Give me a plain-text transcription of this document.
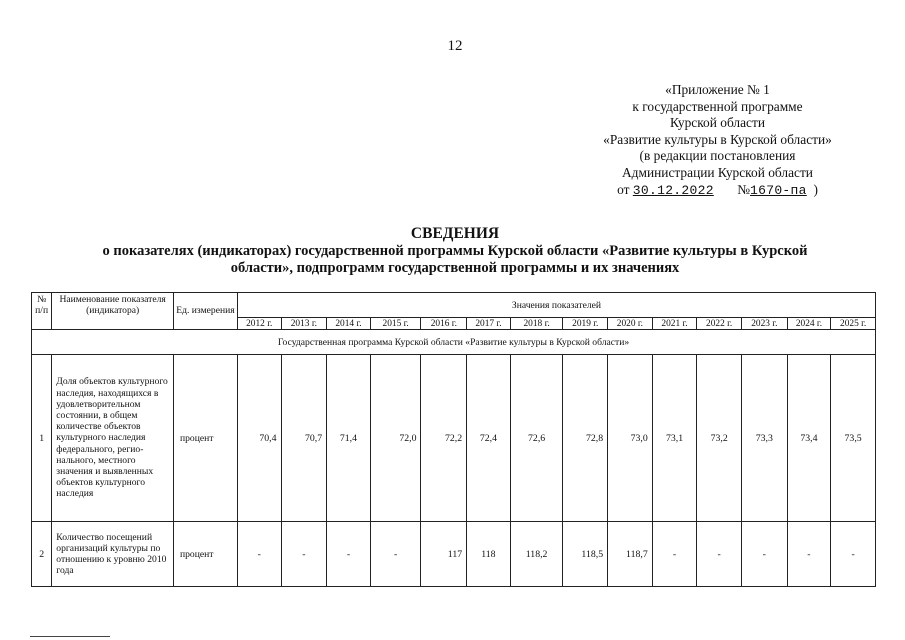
12
«Приложение № 1
к государственной программе
Курской области
«Развитие культуры в Курской области»
(в редакции постановления
Администрации Курской области
от 30.12.2022 №1670-па )
СВЕДЕНИЯ
о показателях (индикаторах) государственной программы Курской области «Развитие культуры в Курской
области», подпрограмм государственной программы и их значениях
№ п/п	Наименование показателя (индикатора)	Ед. измерения	Значения показателей													
			2012 г.	2013 г.	2014 г.	2015 г.	2016 г.	2017 г.	2018 г.	2019 г.	2020 г.	2021 г.	2022 г.	2023 г.	2024 г.	2025 г.
Государственная программа Курской области «Развитие культуры в Курской области»																
1	Доля объектов культурного наследия, находящихся в удовлетворительном состоянии, в общем количестве объектов культурного наследия федерального, регио-нального, местного значения и выявленных объектов культурного наследия	процент	70,4	70,7	71,4	72,0	72,2	72,4	72,6	72,8	73,0	73,1	73,2	73,3	73,4	73,5
2	Количество посещений организаций культуры по отношению к уровню 2010 года	процент	-	-	-	-	117	118	118,2	118,5	118,7	-	-	-	-	-
